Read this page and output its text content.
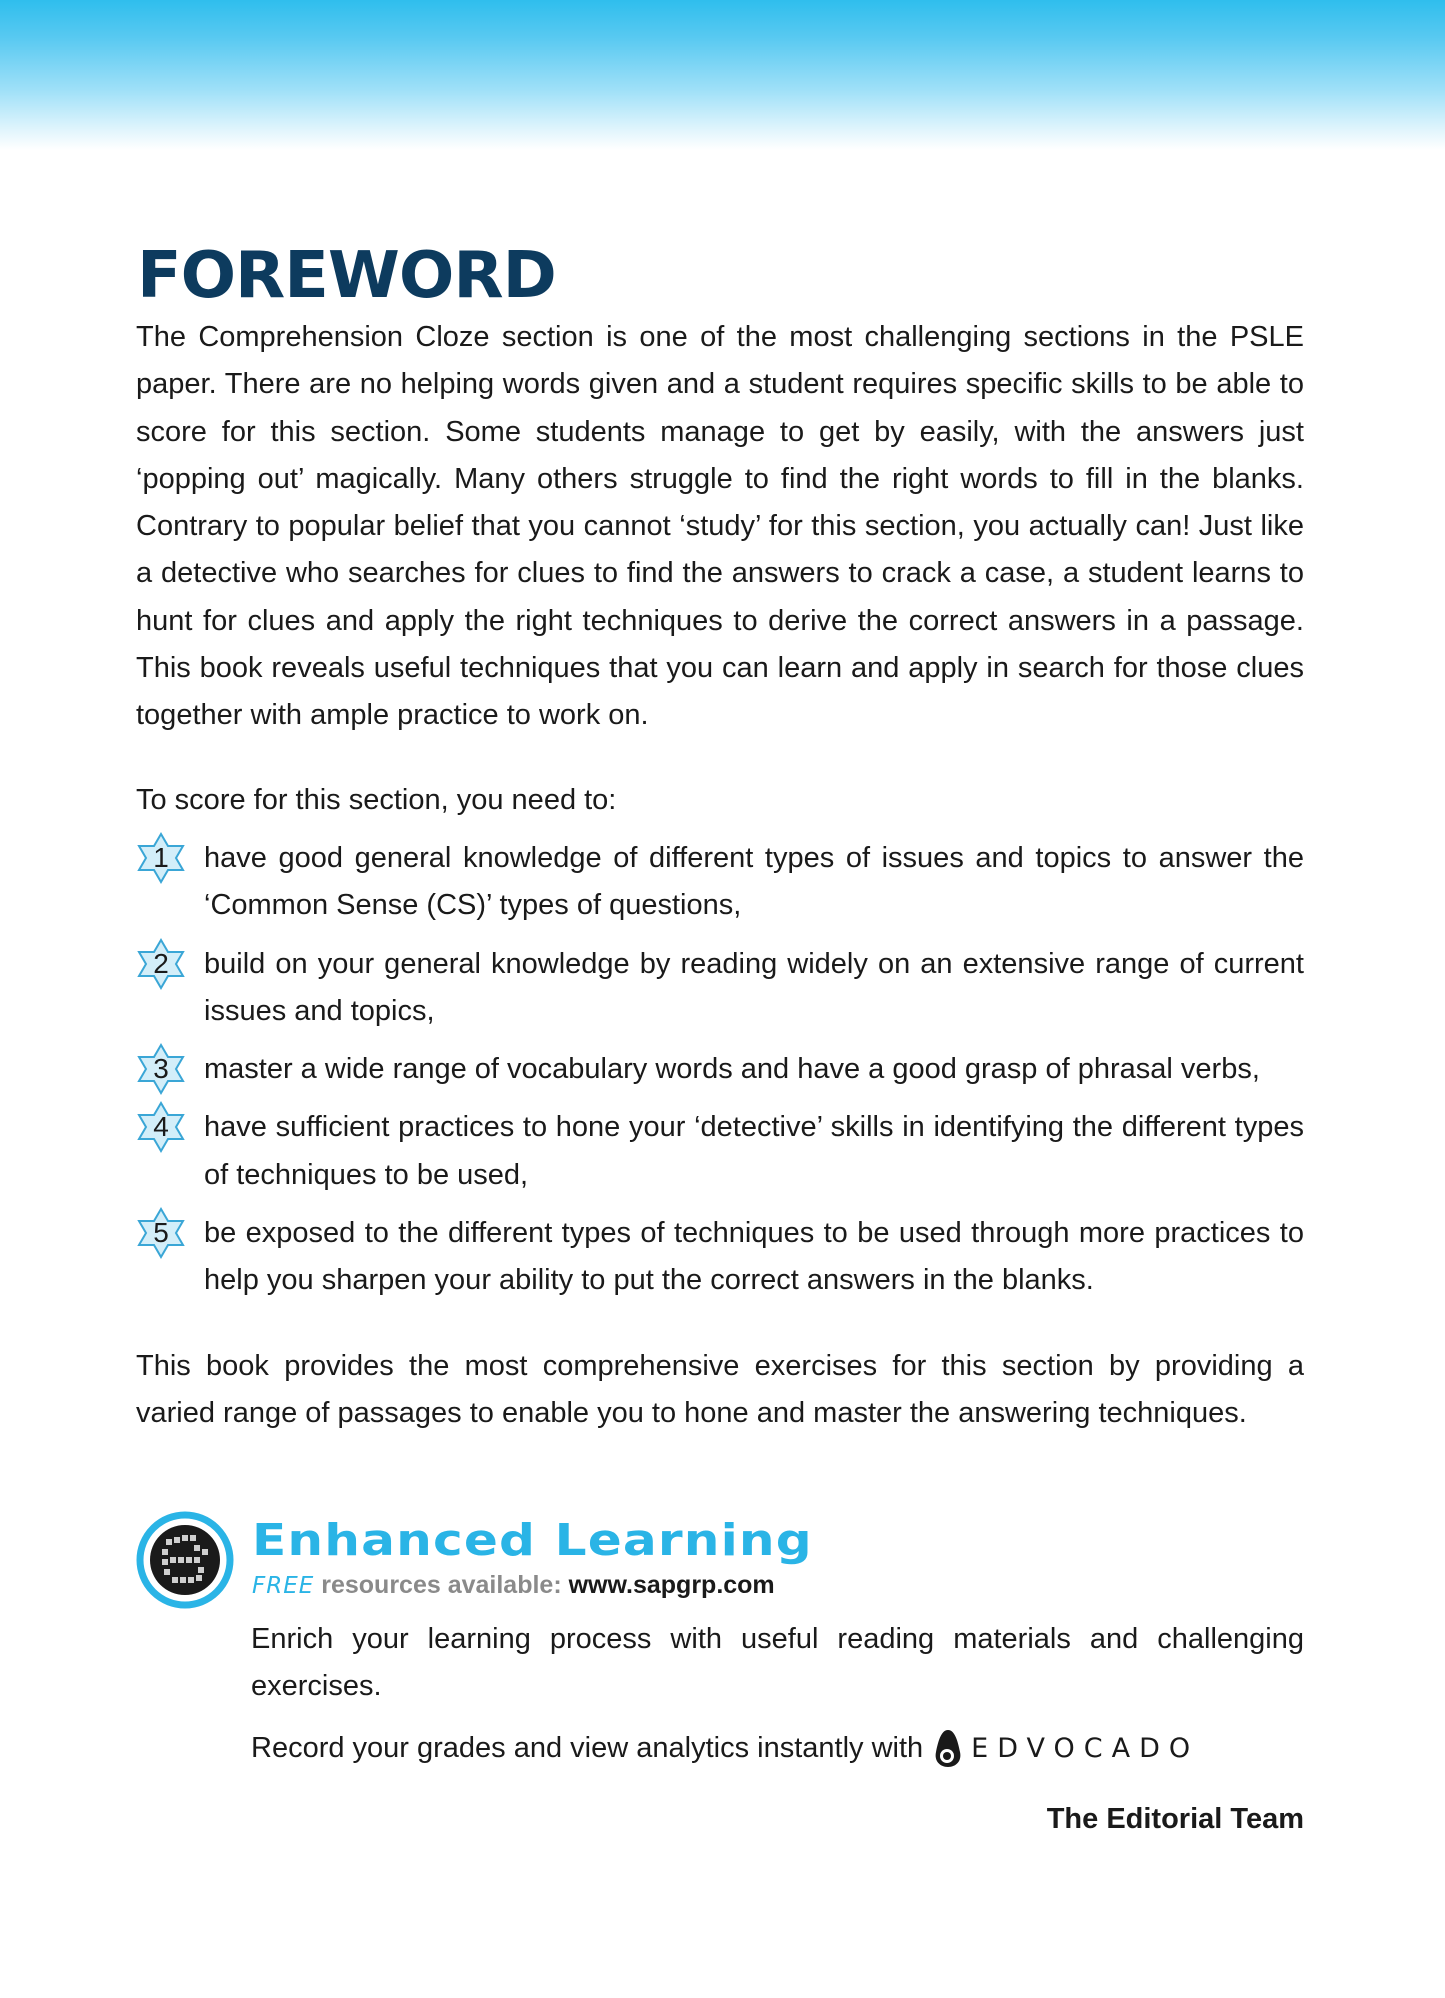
FOREWORD

The Comprehension Cloze section is one of the most challenging sections in the PSLE paper. There are no helping words given and a student requires specific skills to be able to score for this section. Some students manage to get by easily, with the answers just ‘popping out’ magically. Many others struggle to find the right words to fill in the blanks. Contrary to popular belief that you cannot ‘study’ for this section, you actually can! Just like a detective who searches for clues to find the answers to crack a case, a student learns to hunt for clues and apply the right techniques to derive the correct answers in a passage. This book reveals useful techniques that you can learn and apply in search for those clues together with ample practice to work on.

To score for this section, you need to:

1	have good general knowledge of different types of issues and topics to answer the ‘Common Sense (CS)’ types of questions,
2	build on your general knowledge by reading widely on an extensive range of current issues and topics,
3	master a wide range of vocabulary words and have a good grasp of phrasal verbs,
4	have sufficient practices to hone your ‘detective’ skills in identifying the different types of techniques to be used,
5	be exposed to the different types of techniques to be used through more practices to help you sharpen your ability to put the correct answers in the blanks.

This book provides the most comprehensive exercises for this section by providing a varied range of passages to enable you to hone and master the answering techniques.

Enhanced Learning
FREE resources available: www.sapgrp.com

Enrich your learning process with useful reading materials and challenging exercises.

Record your grades and view analytics instantly with EDVOCADO

The Editorial Team
